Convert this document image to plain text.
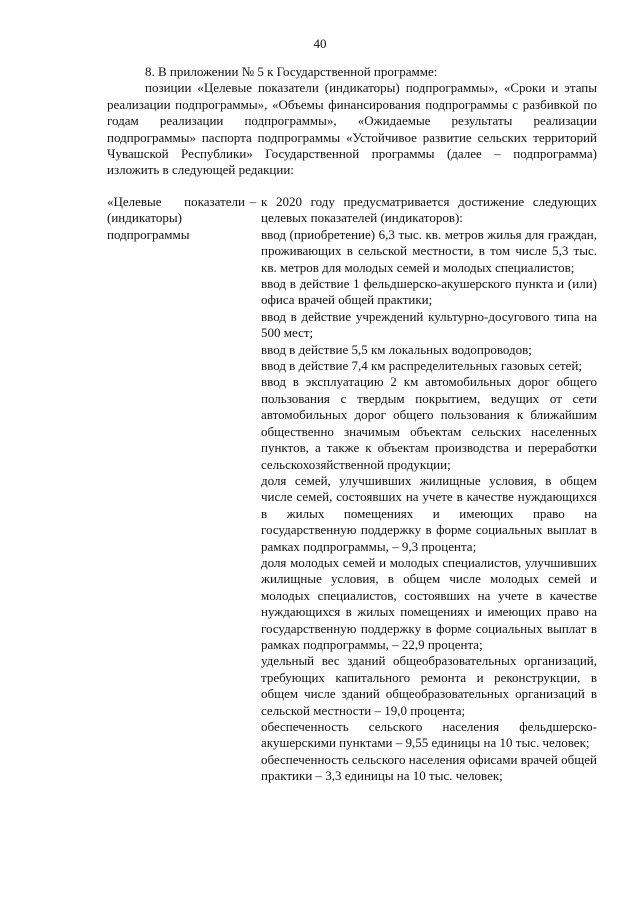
40

8. В приложении № 5 к Государственной программе:

позиции «Целевые показатели (индикаторы) подпрограммы», «Сроки и этапы реализации подпрограммы», «Объемы финансирования подпрограммы с разбивкой по годам реализации подпрограммы», «Ожидаемые результаты реализации подпрограммы» паспорта подпрограммы «Устойчивое развитие сельских территорий Чувашской Республики» Государственной программы (далее – подпрограмма) изложить в следующей редакции:

«Целевые показатели (индикаторы) подпрограммы
– к 2020 году предусматривается достижение следующих целевых показателей (индикаторов):

ввод (приобретение) 6,3 тыс. кв. метров жилья для граждан, проживающих в сельской местности, в том числе 5,3 тыс. кв. метров для молодых семей и молодых специалистов;

ввод в действие 1 фельдшерско-акушерского пункта и (или) офиса врачей общей практики;

ввод в действие учреждений культурно-досугового типа на 500 мест;

ввод в действие 5,5 км локальных водопроводов;

ввод в действие 7,4 км распределительных газовых сетей;

ввод в эксплуатацию 2 км автомобильных дорог общего пользования с твердым покрытием, ведущих от сети автомобильных дорог общего пользования к ближайшим общественно значимым объектам сельских населенных пунктов, а также к объектам производства и переработки сельскохозяйственной продукции;

доля семей, улучшивших жилищные условия, в общем числе семей, состоявших на учете в качестве нуждающихся в жилых помещениях и имеющих право на государственную поддержку в форме социальных выплат в рамках подпрограммы, – 9,3 процента;

доля молодых семей и молодых специалистов, улучшивших жилищные условия, в общем числе молодых семей и молодых специалистов, состоявших на учете в качестве нуждающихся в жилых помещениях и имеющих право на государственную поддержку в форме социальных выплат в рамках подпрограммы, – 22,9 процента;

удельный вес зданий общеобразовательных организаций, требующих капитального ремонта и реконструкции, в общем числе зданий общеобразовательных организаций в сельской местности – 19,0 процента;

обеспеченность сельского населения фельдшерско-акушерскими пунктами – 9,55 единицы на 10 тыс. человек;

обеспеченность сельского населения офисами врачей общей практики – 3,3 единицы на 10 тыс. человек;
